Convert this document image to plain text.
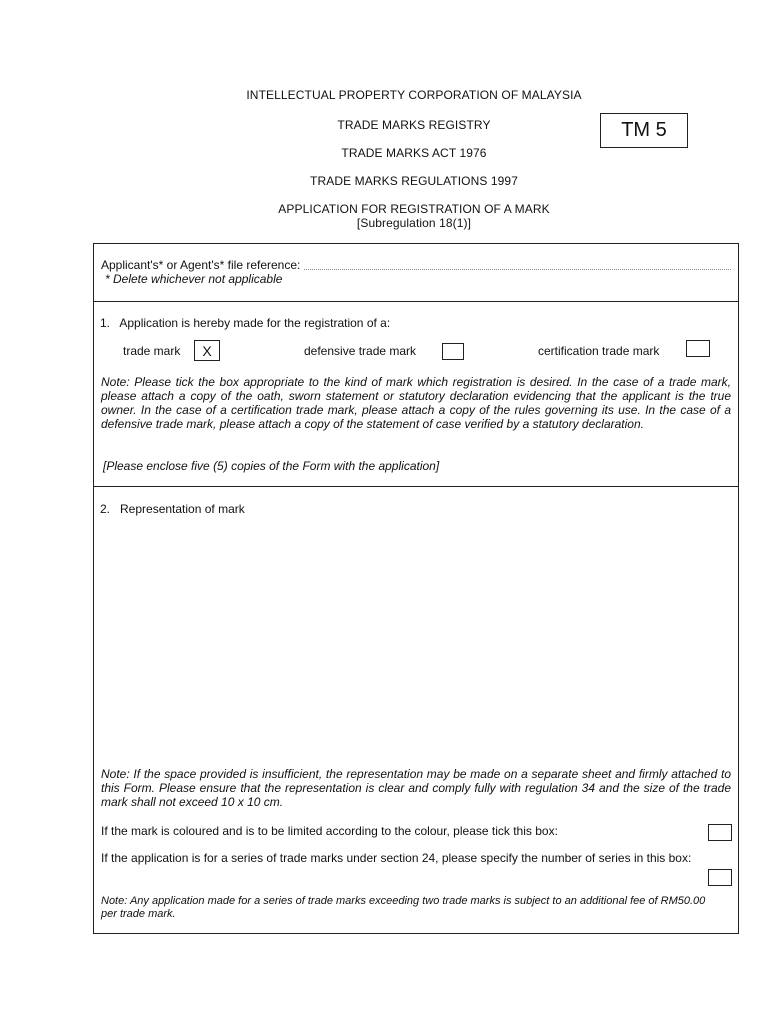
INTELLECTUAL PROPERTY CORPORATION OF MALAYSIA
TRADE MARKS REGISTRY
TRADE MARKS ACT 1976
TRADE MARKS REGULATIONS 1997
APPLICATION FOR REGISTRATION OF A MARK
[Subregulation 18(1)]
TM 5
Applicant's* or Agent's* file reference:
* Delete whichever not applicable
1.   Application is hereby made for the registration of a:
trade mark	X	defensive trade mark	certification trade mark
Note: Please tick the box appropriate to the kind of mark which registration is desired. In the case of a trade mark, please attach a copy of the oath, sworn statement or statutory declaration evidencing that the applicant is the true owner. In the case of a certification trade mark, please attach a copy of the rules governing its use. In the case of a defensive trade mark, please attach a copy of the statement of case verified by a statutory declaration.
[Please enclose five (5) copies of the Form with the application]
2.   Representation of mark
Note: If the space provided is insufficient, the representation may be made on a separate sheet and firmly attached to this Form. Please ensure that the representation is clear and comply fully with regulation 34 and the size of the trade mark shall not exceed 10 x 10 cm.
If the mark is coloured and is to be limited according to the colour, please tick this box:
If the application is for a series of trade marks under section 24, please specify the number of series in this box:
Note: Any application made for a series of trade marks exceeding two trade marks is subject to an additional fee of RM50.00 per trade mark.
